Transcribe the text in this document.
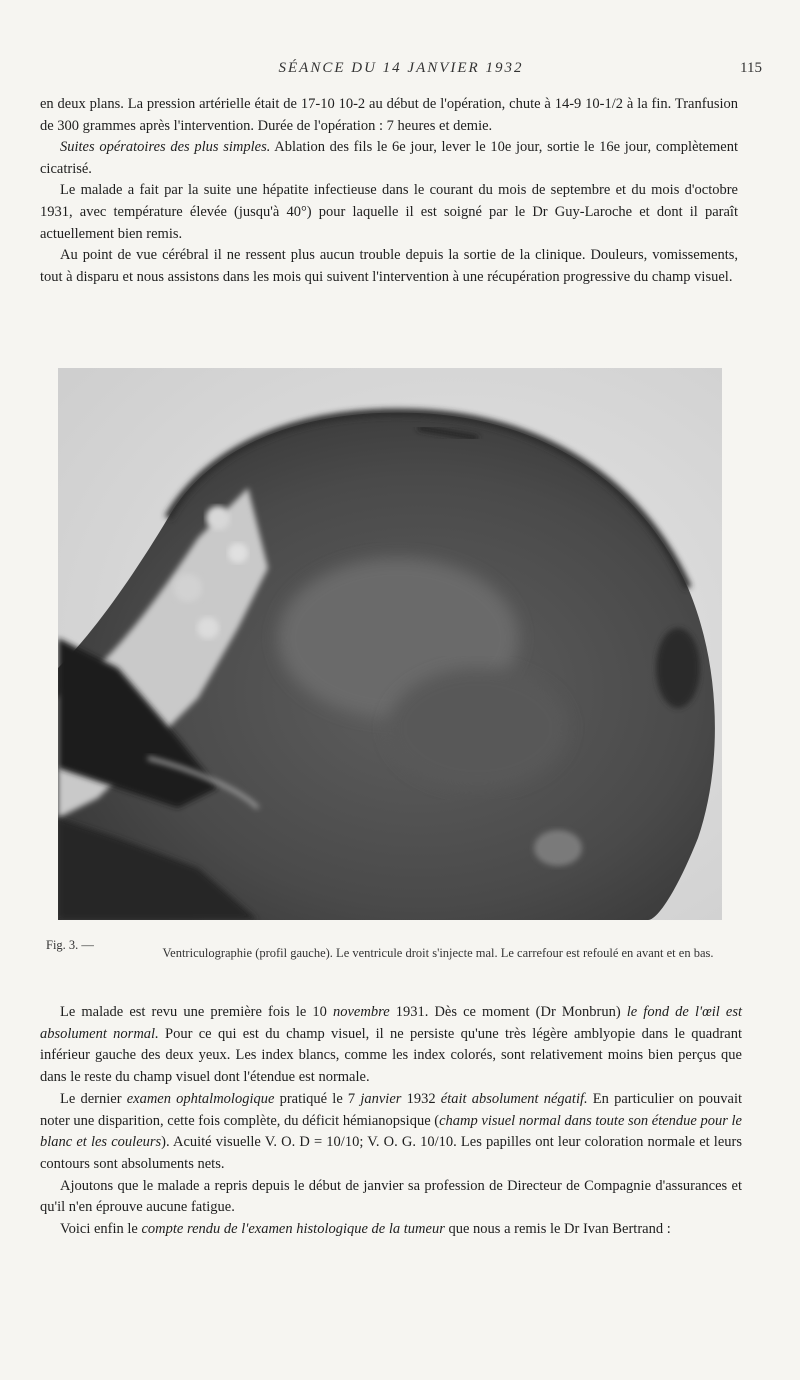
SÉANCE DU 14 JANVIER 1932	115

en deux plans. La pression artérielle était de 17-10 10-2 au début de l'opération, chute à 14-9 10-1/2 à la fin. Tranfusion de 300 grammes après l'intervention. Durée de l'opération : 7 heures et demie.

Suites opératoires des plus simples. Ablation des fils le 6e jour, lever le 10e jour, sortie le 16e jour, complètement cicatrisé.

Le malade a fait par la suite une hépatite infectieuse dans le courant du mois de septembre et du mois d'octobre 1931, avec température élevée (jusqu'à 40°) pour laquelle il est soigné par le Dr Guy-Laroche et dont il paraît actuellement bien remis.

Au point de vue cérébral il ne ressent plus aucun trouble depuis la sortie de la clinique. Douleurs, vomissements, tout à disparu et nous assistons dans les mois qui suivent l'intervention à une récupération progressive du champ visuel.

Fig. 3. —
Ventriculographie (profil gauche). Le ventricule droit s'injecte mal. Le carrefour est refoulé en avant et en bas.

Le malade est revu une première fois le 10 novembre 1931. Dès ce moment (Dr Monbrun) le fond de l'œil est absolument normal. Pour ce qui est du champ visuel, il ne persiste qu'une très légère amblyopie dans le quadrant inférieur gauche des deux yeux. Les index blancs, comme les index colorés, sont relativement moins bien perçus que dans le reste du champ visuel dont l'étendue est normale.

Le dernier examen ophtalmologique pratiqué le 7 janvier 1932 était absolument négatif. En particulier on pouvait noter une disparition, cette fois complète, du déficit hémianopsique (champ visuel normal dans toute son étendue pour le blanc et les couleurs). Acuité visuelle V. O. D = 10/10; V. O. G. 10/10. Les papilles ont leur coloration normale et leurs contours sont absoluments nets.

Ajoutons que le malade a repris depuis le début de janvier sa profession de Directeur de Compagnie d'assurances et qu'il n'en éprouve aucune fatigue.

Voici enfin le compte rendu de l'examen histologique de la tumeur que nous a remis le Dr Ivan Bertrand :
